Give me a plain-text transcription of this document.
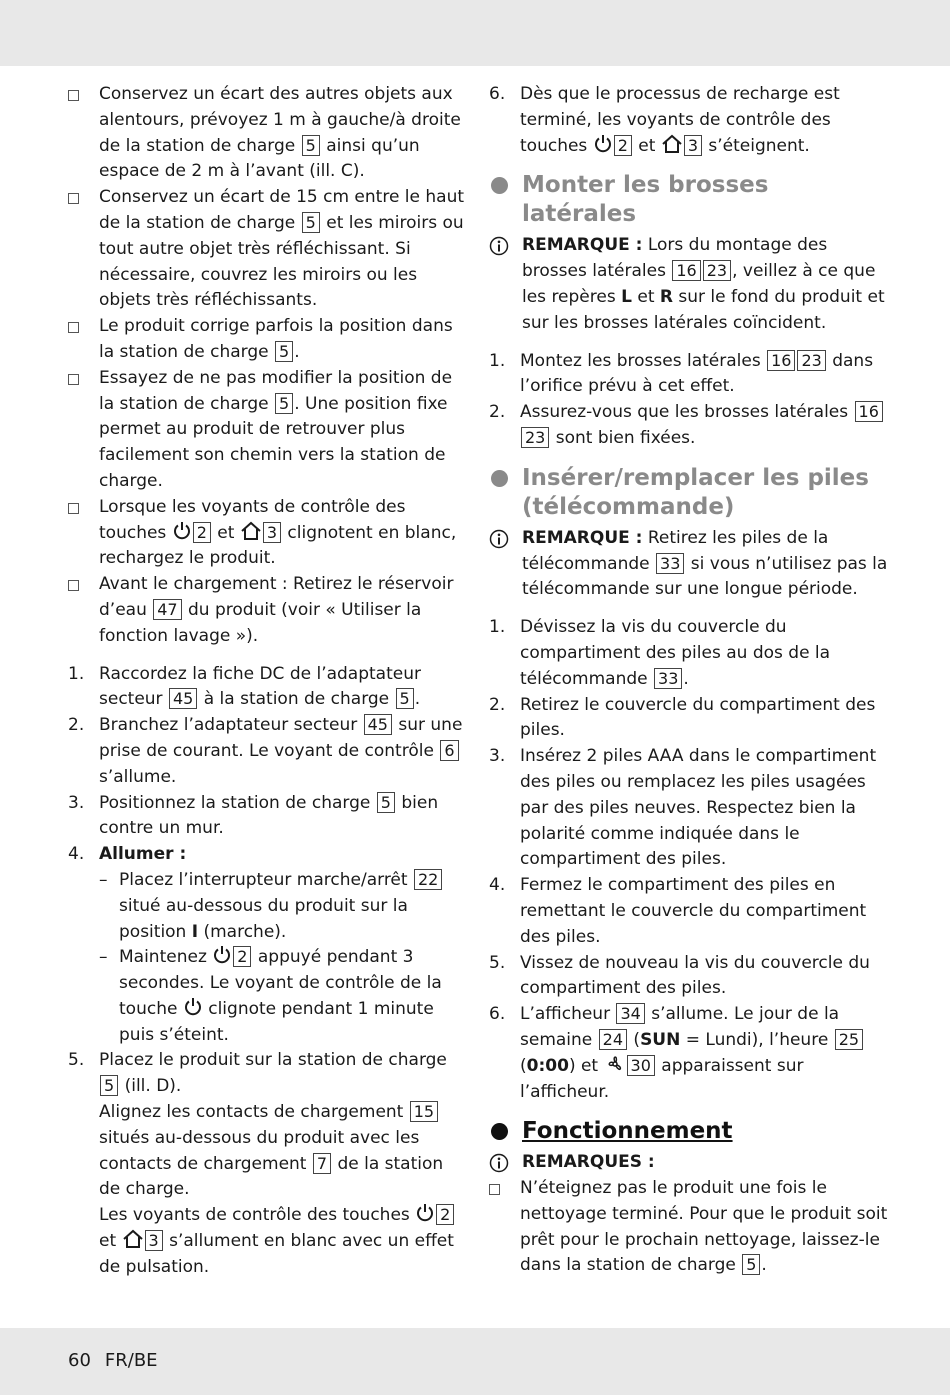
Conservez un écart des autres objets aux alentours, prévoyez 1 m à gauche/à droite de la station de charge 5 ainsi qu’un espace de 2 m à l’avant (ill. C).
Conservez un écart de 15 cm entre le haut de la station de charge 5 et les miroirs ou tout autre objet très réfléchissant. Si nécessaire, couvrez les miroirs ou les objets très réfléchissants.
Le produit corrige parfois la position dans la station de charge 5 .
Essayez de ne pas modifier la position de la station de charge 5 . Une position fixe permet au produit de retrouver plus facilement son chemin vers la station de charge.
Lorsque les voyants de contrôle des touches 2 et 3 clignotent en blanc, rechargez le produit.
Avant le chargement : Retirez le réservoir d’eau 47 du produit (voir « Utiliser la fonction lavage »).
1. Raccordez la fiche DC de l’adaptateur secteur 45 à la station de charge 5 .
2. Branchez l’adaptateur secteur 45 sur une prise de courant. Le voyant de contrôle 6 s’allume.
3. Positionnez la station de charge 5 bien contre un mur.
4. Allumer :
– Placez l’interrupteur marche/arrêt 22 situé au-dessous du produit sur la position I (marche).
– Maintenez 2 appuyé pendant 3 secondes. Le voyant de contrôle de la touche  clignote pendant 1 minute puis s’éteint.
5. Placez le produit sur la station de charge 5 (ill. D).
Alignez les contacts de chargement 15 situés au-dessous du produit avec les contacts de chargement 7 de la station de charge.
Les voyants de contrôle des touches 2 et 3 s’allument en blanc avec un effet de pulsation.
6. Dès que le processus de recharge est terminé, les voyants de contrôle des touches 2 et 3 s’éteignent.
Monter les brosses latérales
REMARQUE : Lors du montage des brosses latérales 16 23 , veillez à ce que les repères L et R sur le fond du produit et sur les brosses latérales coïncident.
1. Montez les brosses latérales 16 23 dans l’orifice prévu à cet effet.
2. Assurez-vous que les brosses latérales 1623 sont bien fixées.
Insérer/remplacer les piles (télécommande)
REMARQUE : Retirez les piles de la télécommande 33 si vous n’utilisez pas la télécommande sur une longue période.
1. Dévissez la vis du couvercle du compartiment des piles au dos de la télécommande 33 .
2. Retirez le couvercle du compartiment des piles.
3. Insérez 2 piles AAA dans le compartiment des piles ou remplacez les piles usagées par des piles neuves. Respectez bien la polarité comme indiquée dans le compartiment des piles.
4. Fermez le compartiment des piles en remettant le couvercle du compartiment des piles.
5. Vissez de nouveau la vis du couvercle du compartiment des piles.
6. L’afficheur 34 s’allume. Le jour de la semaine 24 (SUN = Lundi), l’heure 25 (0:00) et 30 apparaissent sur l’afficheur.
Fonctionnement
REMARQUES :
N’éteignez pas le produit une fois le nettoyage terminé. Pour que le produit soit prêt pour le prochain nettoyage, laissez-le dans la station de charge 5 .
60 FR/BE
